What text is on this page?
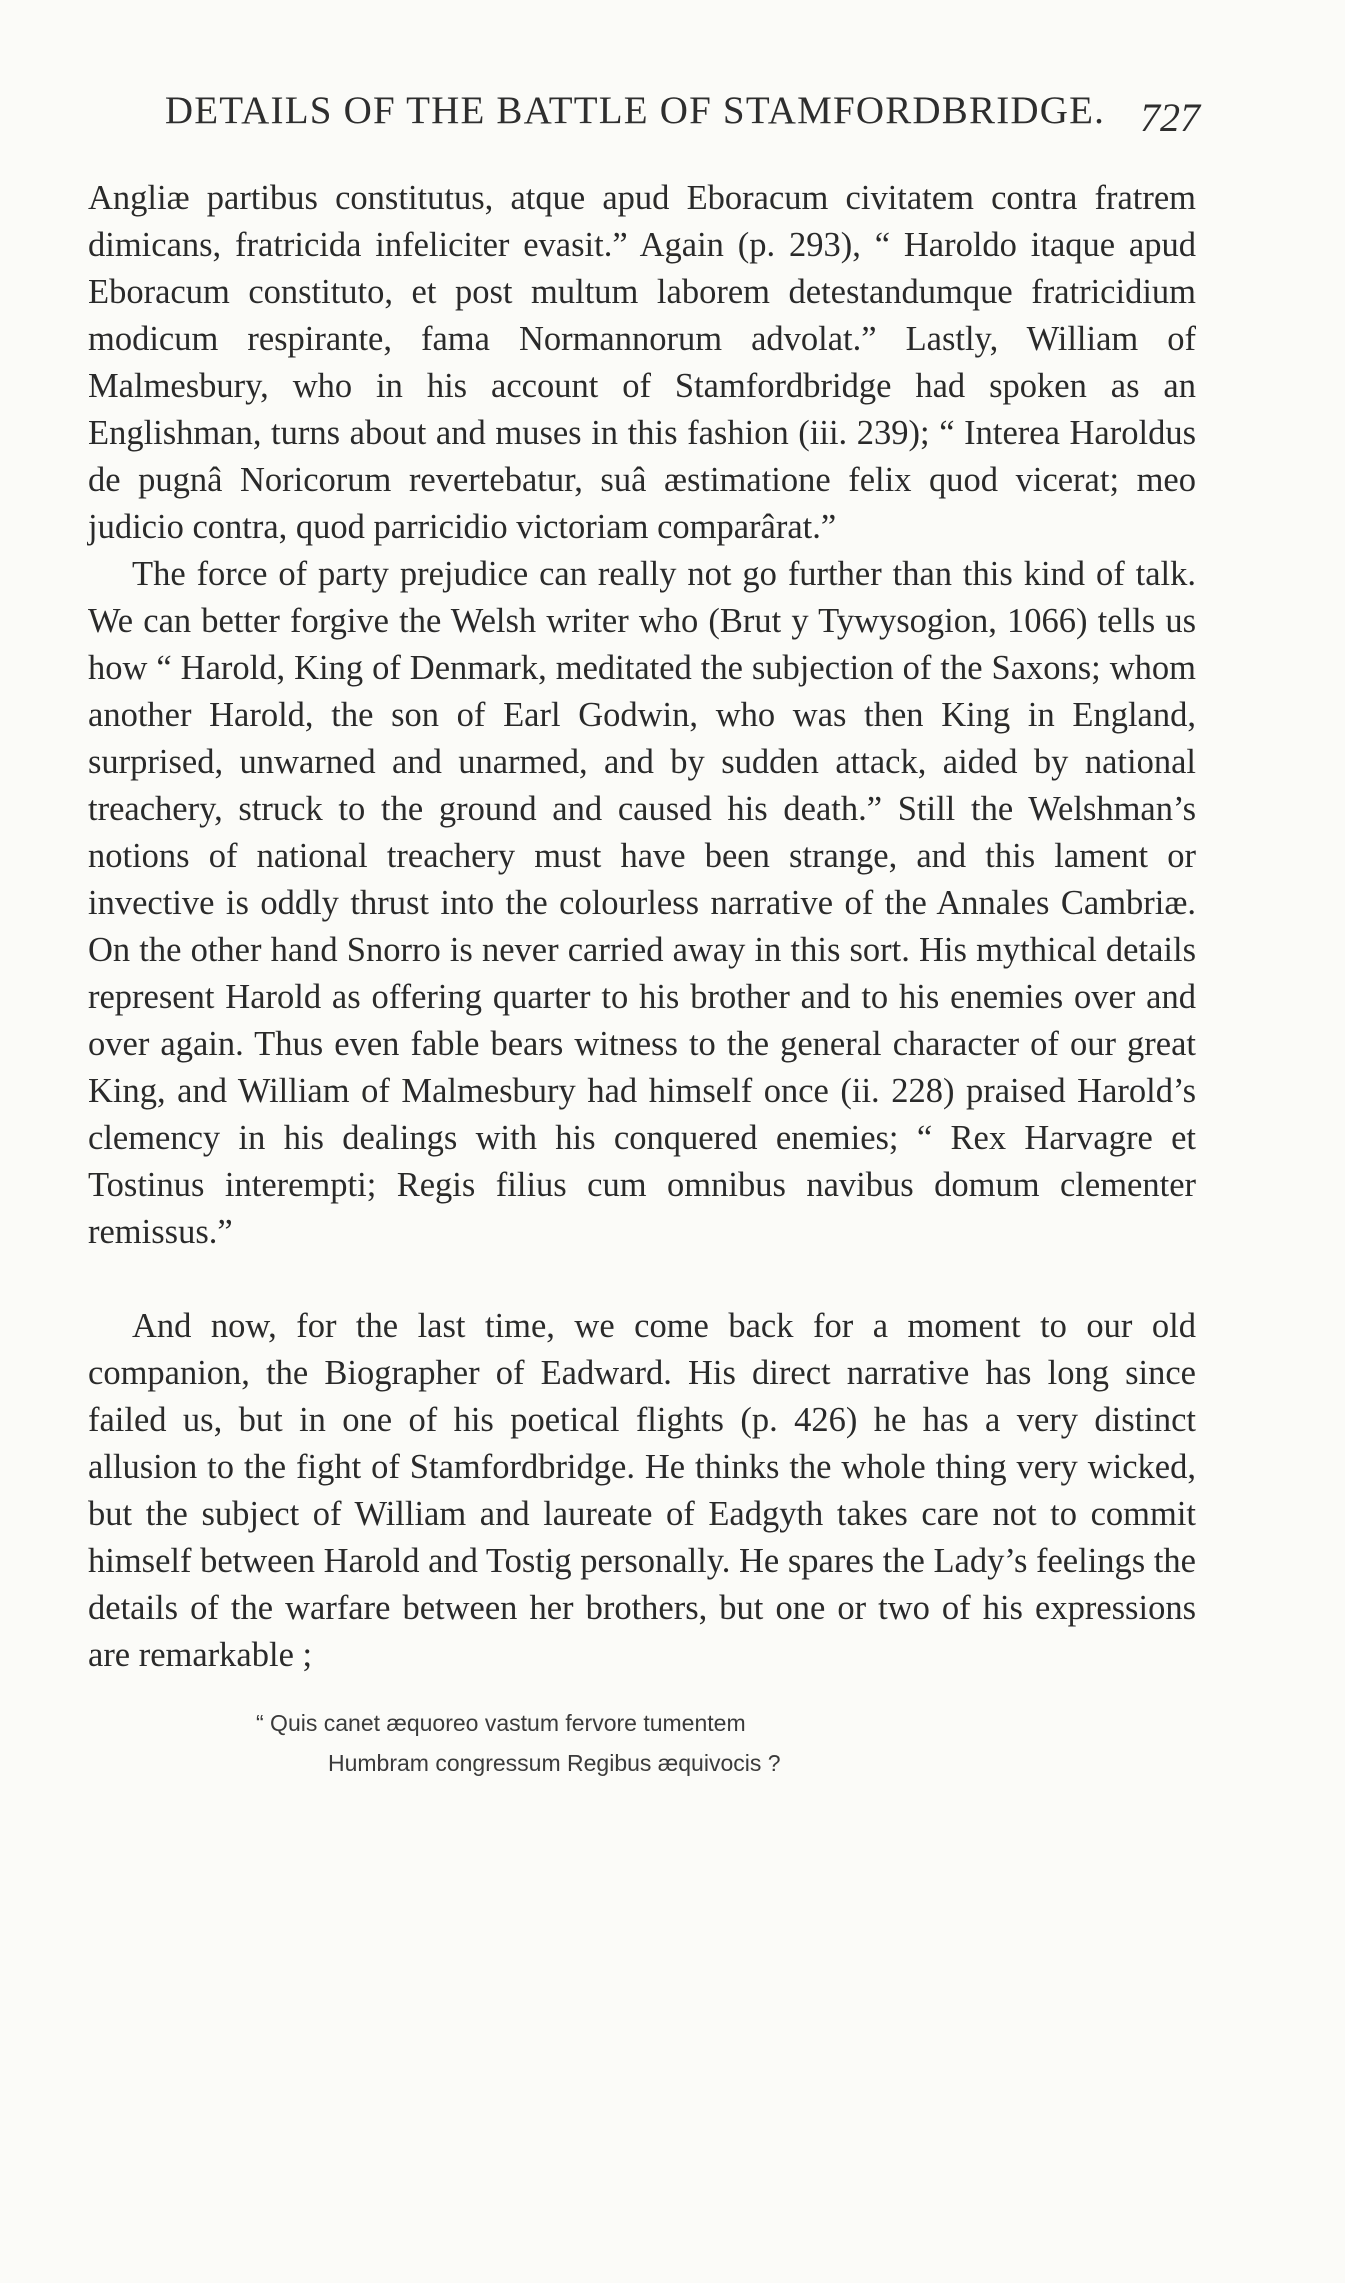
DETAILS OF THE BATTLE OF STAMFORDBRIDGE. 727

Angliæ partibus constitutus, atque apud Eboracum civitatem contra fratrem dimicans, fratricida infeliciter evasit.” Again (p. 293), “ Haroldo itaque apud Eboracum constituto, et post multum laborem detestandumque fratricidium modicum respirante, fama Normannorum advolat.” Lastly, William of Malmesbury, who in his account of Stamfordbridge had spoken as an Englishman, turns about and muses in this fashion (iii. 239); “ Interea Haroldus de pugnâ Noricorum revertebatur, suâ æstimatione felix quod vicerat; meo judicio contra, quod parricidio victoriam comparârat.”

The force of party prejudice can really not go further than this kind of talk. We can better forgive the Welsh writer who (Brut y Tywysogion, 1066) tells us how “ Harold, King of Denmark, meditated the subjection of the Saxons; whom another Harold, the son of Earl Godwin, who was then King in England, surprised, unwarned and unarmed, and by sudden attack, aided by national treachery, struck to the ground and caused his death.” Still the Welshman’s notions of national treachery must have been strange, and this lament or invective is oddly thrust into the colourless narrative of the Annales Cambriæ. On the other hand Snorro is never carried away in this sort. His mythical details represent Harold as offering quarter to his brother and to his enemies over and over again. Thus even fable bears witness to the general character of our great King, and William of Malmesbury had himself once (ii. 228) praised Harold’s clemency in his dealings with his conquered enemies; “ Rex Harvagre et Tostinus interempti; Regis filius cum omnibus navibus domum clementer remissus.”

And now, for the last time, we come back for a moment to our old companion, the Biographer of Eadward. His direct narrative has long since failed us, but in one of his poetical flights (p. 426) he has a very distinct allusion to the fight of Stamfordbridge. He thinks the whole thing very wicked, but the subject of William and laureate of Eadgyth takes care not to commit himself between Harold and Tostig personally. He spares the Lady’s feelings the details of the warfare between her brothers, but one or two of his expressions are remarkable ;

“ Quis canet æquoreo vastum fervore tumentem
Humbram congressum Regibus æquivocis ?
